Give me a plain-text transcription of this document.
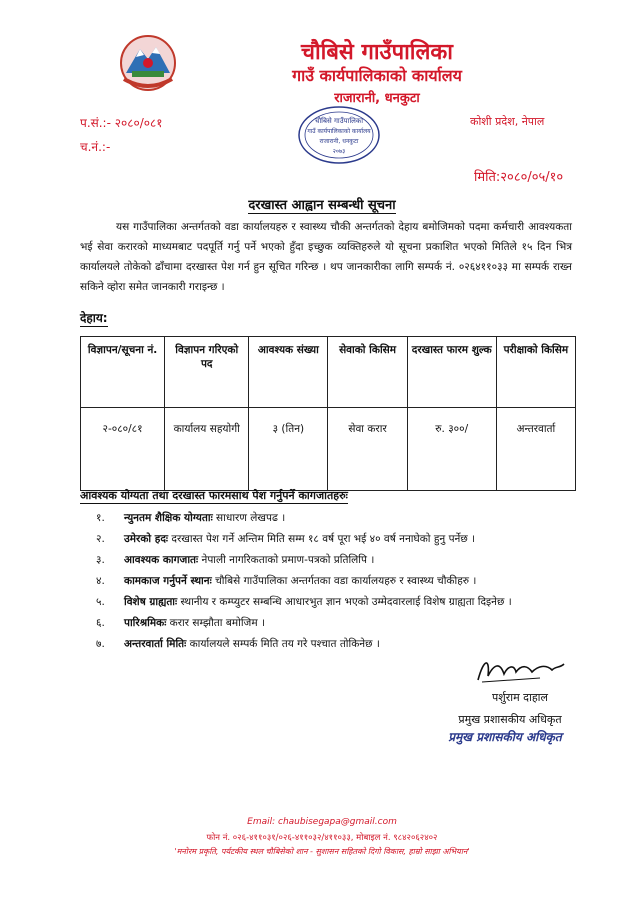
चौबिसे गाउँपालिका
गाउँ कार्यपालिकाको कार्यालय
राजारानी, धनकुटा
प.सं.:- २०८०/०८१
च.नं.:-
कोशी प्रदेश, नेपाल
चौबिसे गाउँपालिका
गाउँ कार्यपालिकाको कार्यालय
राजारानी, धनकुटा
२०७३
मिति:२०८०/०५/१०
दरखास्त आह्वान सम्बन्धी सूचना
यस गाउँपालिका अन्तर्गतको वडा कार्यालयहरु र स्वास्थ्य चौकी अन्तर्गतको देहाय बमोजिमको पदमा कर्मचारी आवश्यकता भई सेवा करारको माध्यमबाट पदपूर्ति गर्नु पर्ने भएको हुँदा इच्छुक व्यक्तिहरुले यो सूचना प्रकाशित भएको मितिले १५ दिन भित्र कार्यालयले तोकेको ढाँचामा दरखास्त पेश गर्न हुन सूचित गरिन्छ । थप जानकारीका लागि सम्पर्क नं. ०२६४११०३३ मा सम्पर्क राख्न सकिने व्होरा समेत जानकारी गराइन्छ ।
देहाय:
विज्ञापन/सूचना नं.	विज्ञापन गरिएको पद	आवश्यक संख्या	सेवाको किसिम	दरखास्त फारम शुल्क	परीक्षाको किसिम
२-०८०/८१	कार्यालय सहयोगी	३ (तिन)	सेवा करार	रु. ३००/	अन्तरवार्ता
आवश्यक योग्यता तथा दरखास्त फारमसाथ पेश गर्नुपर्ने कागजातहरुः
१. न्युनतम शैक्षिक योग्यताः साधारण लेखपढ ।
२. उमेरको हदः दरखास्त पेश गर्ने अन्तिम मिति सम्म १८ वर्ष पूरा भई ४० वर्ष ननाघेको हुनु पर्नेछ ।
३. आवश्यक कागजातः नेपाली नागरिकताको प्रमाण-पत्रको प्रतिलिपि ।
४. कामकाज गर्नुपर्ने स्थानः चौबिसे गाउँपालिका अन्तर्गतका वडा कार्यालयहरु र स्वास्थ्य चौकीहरु ।
५. विशेष ग्राह्यताः स्थानीय र कम्प्युटर सम्बन्धि आधारभुत ज्ञान भएको उम्मेदवारलाई विशेष ग्राह्यता दिइनेछ ।
६. पारिश्रमिकः करार सम्झौता बमोजिम ।
७. अन्तरवार्ता मितिः कार्यालयले सम्पर्क मिति तय गरे पश्चात तोकिनेछ ।
पर्शुराम दाहाल
प्रमुख प्रशासकीय अधिकृत
प्रमुख प्रशासकीय अधिकृत
Email: chaubisegapa@gmail.com
फोन नं. ०२६-४११०३१/०२६-४११०३२/४११०३३, मोबाइल नं. ९८४२०६२४०२
'मनोरम प्रकृति, पर्यटकीय स्थल चौबिसेको शान - सुशासन सहितको दिगो विकास, हाम्रो साझा अभियान'
